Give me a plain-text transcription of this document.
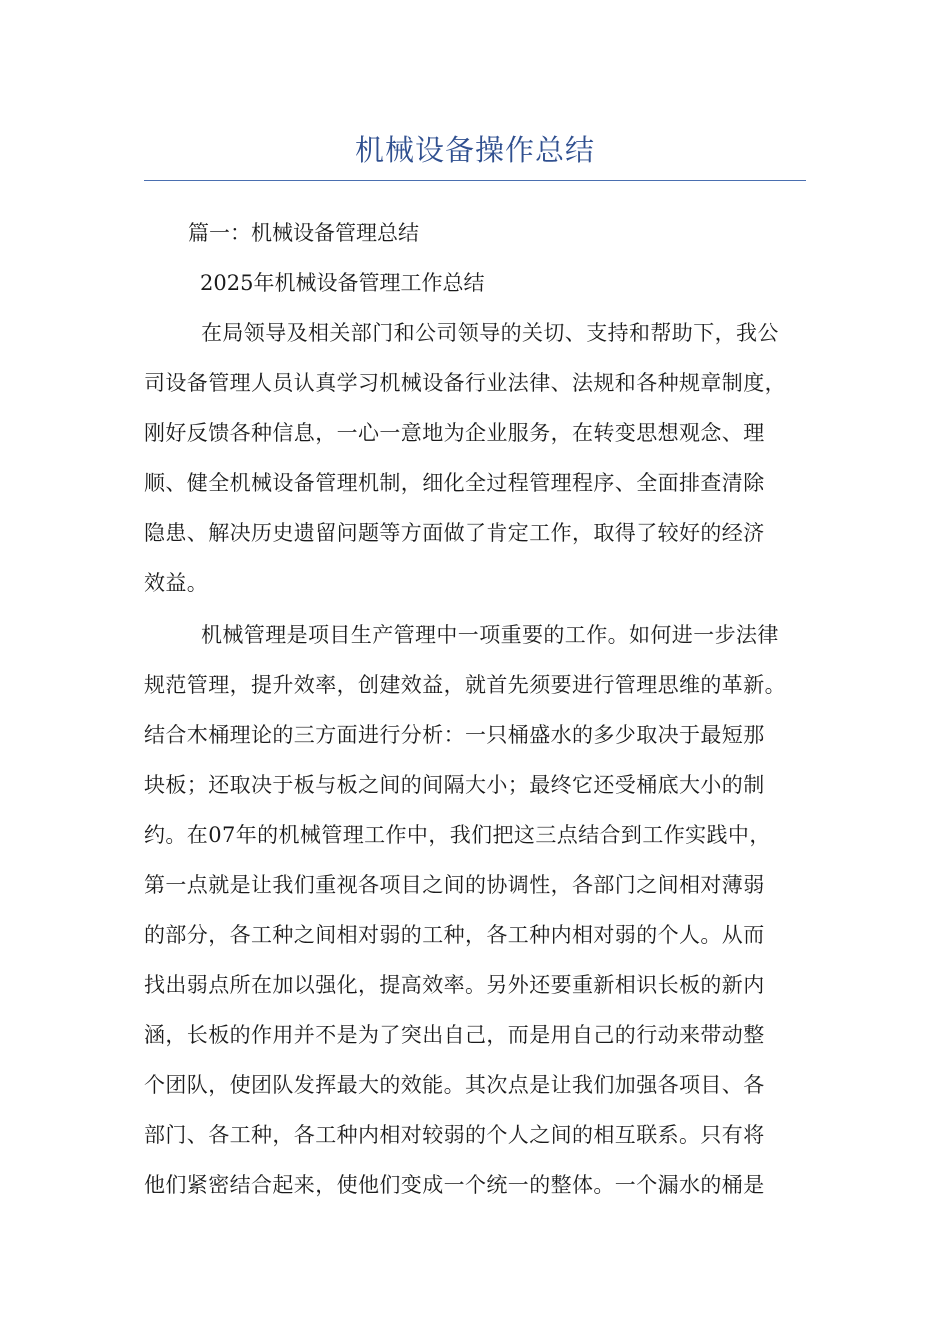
机械设备操作总结
篇一：机械设备管理总结
2025年机械设备管理工作总结
在局领导及相关部门和公司领导的关切、支持和帮助下，我公
司设备管理人员认真学习机械设备行业法律、法规和各种规章制度，
刚好反馈各种信息，一心一意地为企业服务，在转变思想观念、理
顺、健全机械设备管理机制，细化全过程管理程序、全面排查清除
隐患、解决历史遗留问题等方面做了肯定工作，取得了较好的经济
效益。
机械管理是项目生产管理中一项重要的工作。如何进一步法律
规范管理，提升效率，创建效益，就首先须要进行管理思维的革新。
结合木桶理论的三方面进行分析：一只桶盛水的多少取决于最短那
块板；还取决于板与板之间的间隔大小；最终它还受桶底大小的制
约。在07年的机械管理工作中，我们把这三点结合到工作实践中，
第一点就是让我们重视各项目之间的协调性，各部门之间相对薄弱
的部分，各工种之间相对弱的工种，各工种内相对弱的个人。从而
找出弱点所在加以强化，提高效率。另外还要重新相识长板的新内
涵，长板的作用并不是为了突出自己，而是用自己的行动来带动整
个团队，使团队发挥最大的效能。其次点是让我们加强各项目、各
部门、各工种，各工种内相对较弱的个人之间的相互联系。只有将
他们紧密结合起来，使他们变成一个统一的整体。一个漏水的桶是
